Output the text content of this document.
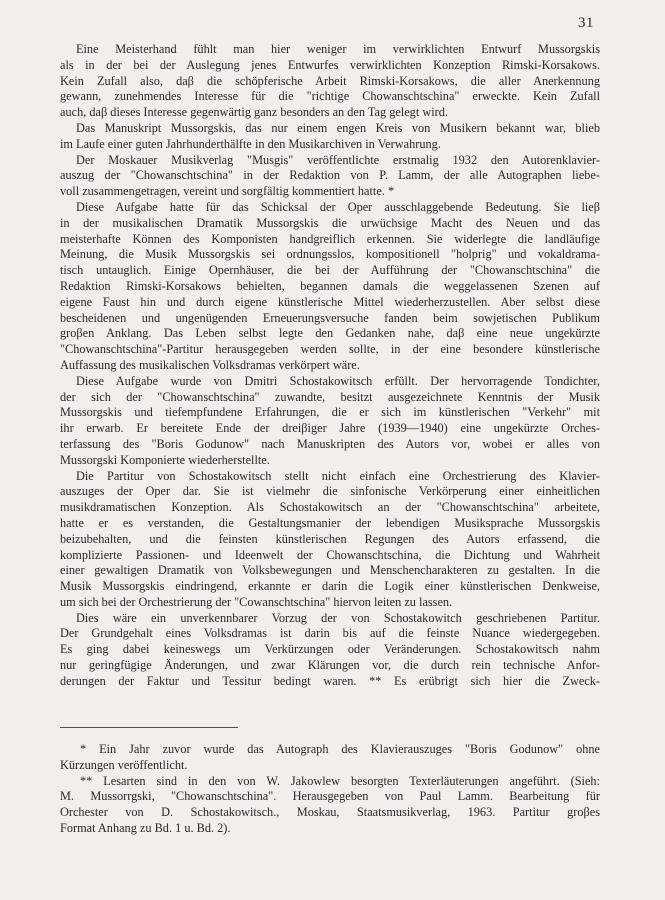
31
Eine Meisterhand fühlt man hier weniger im verwirklichten Entwurf Mussorgskis
als in der bei der Auslegung jenes Entwurfes verwirklichten Konzeption Rimski-Korsakows.
Kein Zufall also, daβ die schöpferische Arbeit Rimski-Korsakows, die aller Anerkennung
gewann, zunehmendes Interesse für die "richtige Chowanschtschina" erweckte. Kein Zufall
auch, daβ dieses Interesse gegenwärtig ganz besonders an den Tag gelegt wird.
Das Manuskript Mussorgskis, das nur einem engen Kreis von Musikern bekannt war, blieb
im Laufe einer guten Jahrhunderthälfte in den Musikarchiven in Verwahrung.
Der Moskauer Musikverlag "Musgis" veröffentlichte erstmalig 1932 den Autorenklavier-
auszug der "Chowanschtschina" in der Redaktion von P. Lamm, der alle Autographen liebe-
voll zusammengetragen, vereint und sorgfältig kommentiert hatte. *
Diese Aufgabe hatte für das Schicksal der Oper ausschlaggebende Bedeutung. Sie lieβ
in der musikalischen Dramatik Mussorgskis die urwüchsige Macht des Neuen und das
meisterhafte Können des Komponisten handgreiflich erkennen. Sie widerlegte die landläufige
Meinung, die Musik Mussorgskis sei ordnungsslos, kompositionell "holprig" und vokaldrama-
tisch untauglich. Einige Opernhäuser, die bei der Aufführung der "Chowanschtschina" die
Redaktion Rimski-Korsakows behielten, begannen damals die weggelassenen Szenen auf
eigene Faust hin und durch eigene künstlerische Mittel wiederherzustellen. Aber selbst diese
bescheidenen und ungenügenden Erneuerungsversuche fanden beim sowjetischen Publikum
groβen Anklang. Das Leben selbst legte den Gedanken nahe, daβ eine neue ungekürzte
"Chowanschtschina"-Partitur herausgegeben werden sollte, in der eine besondere künstlerische
Auffassung des musikalischen Volksdramas verkörpert wäre.
Diese Aufgabe wurde von Dmitri Schostakowitsch erfüllt. Der hervorragende Tondichter,
der sich der "Chowanschtschina" zuwandte, besitzt ausgezeichnete Kenntnis der Musik
Mussorgskis und tiefempfundene Erfahrungen, die er sich im künstlerischen "Verkehr" mit
ihr erwarb. Er bereitete Ende der dreiβiger Jahre (1939—1940) eine ungekürzte Orches-
terfassung des "Boris Godunow" nach Manuskripten des Autors vor, wobei er alles von
Mussorgski Komponierte wiederherstellte.
Die Partitur von Schostakowitsch stellt nicht einfach eine Orchestrierung des Klavier-
auszuges der Oper dar. Sie ist vielmehr die sinfonische Verkörperung einer einheitlichen
musikdramatischen Konzeption. Als Schostakowitsch an der "Chowanschtschina" arbeitete,
hatte er es verstanden, die Gestaltungsmanier der lebendigen Musiksprache Mussorgskis
beizubehalten, und die feinsten künstlerischen Regungen des Autors erfassend, die
komplizierte Passionen- und Ideenwelt der Chowanschtschina, die Dichtung und Wahrheit
einer gewaltigen Dramatik von Volksbewegungen und Menschencharakteren zu gestalten. In die
Musik Mussorgskis eindringend, erkannte er darin die Logik einer künstlerischen Denkweise,
um sich bei der Orchestrierung der "Cowanschtschina" hiervon leiten zu lassen.
Dies wäre ein unverkennbarer Vorzug der von Schostakowitch geschriebenen Partitur.
Der Grundgehalt eines Volksdramas ist darin bis auf die feinste Nuance wiedergegeben.
Es ging dabei keineswegs um Verkürzungen oder Veränderungen. Schostakowitsch nahm
nur geringfügige Änderungen, und zwar Klärungen vor, die durch rein technische Anfor-
derungen der Faktur und Tessitur bedingt waren. ** Es erübrigt sich hier die Zweck-
* Ein Jahr zuvor wurde das Autograph des Klavierauszuges "Boris Godunow" ohne
Kürzungen veröffentlicht.
** Lesarten sind in den von W. Jakowlew besorgten Texterläuterungen angeführt. (Sieh:
M. Mussorrgski, "Chowanschtschina". Herausgegeben von Paul Lamm. Bearbeitung für
Orchester von D. Schostakowitsch., Moskau, Staatsmusikverlag, 1963. Partitur groβes
Format Anhang zu Bd. 1 u. Bd. 2).
